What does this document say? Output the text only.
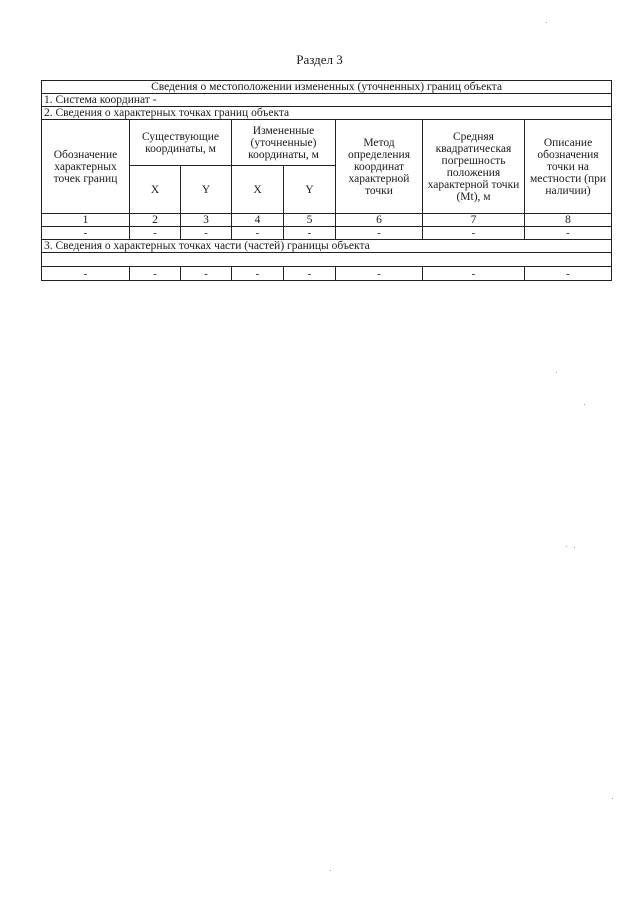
Раздел 3
Сведения о местоположении измененных (уточненных) границ объекта							
1. Система координат -							
2. Сведения о характерных точках границ объекта							
Обозначение характерных точек границ	Существующие координаты, м		Измененные (уточненные) координаты, м		Метод определения координат характерной точки	Средняя квадратическая погрешность положения характерной точки (Mt), м	Описание обозначения точки на местности (при наличии)
	X	Y	X	Y			
1	2	3	4	5	6	7	8
-	-	-	-	-	-	-	-
3. Сведения о характерных точках части (частей) границы объекта							

-	-	-	-	-	-	-	-
